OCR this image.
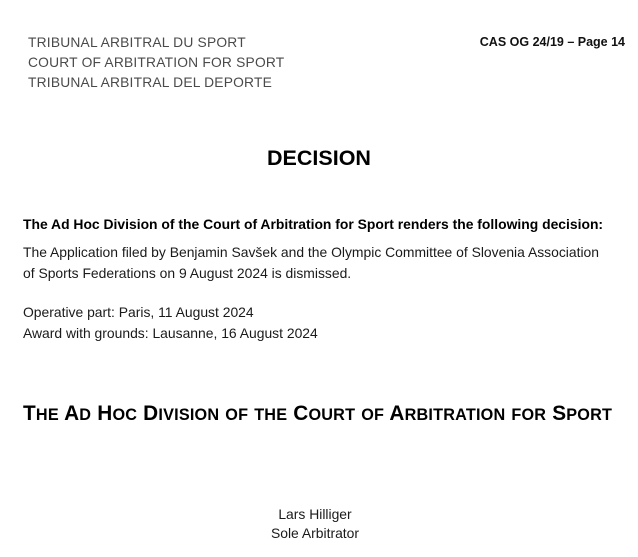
TRIBUNAL ARBITRAL DU SPORT
COURT OF ARBITRATION FOR SPORT
TRIBUNAL ARBITRAL DEL DEPORTE
CAS OG 24/19 – Page 14
DECISION
The Ad Hoc Division of the Court of Arbitration for Sport renders the following decision:
The Application filed by Benjamin Savšek and the Olympic Committee of Slovenia Association
of Sports Federations on 9 August 2024 is dismissed.
Operative part: Paris, 11 August 2024
Award with grounds: Lausanne, 16 August 2024
THE AD HOC DIVISION OF THE COURT OF ARBITRATION FOR SPORT
Lars Hilliger
Sole Arbitrator
